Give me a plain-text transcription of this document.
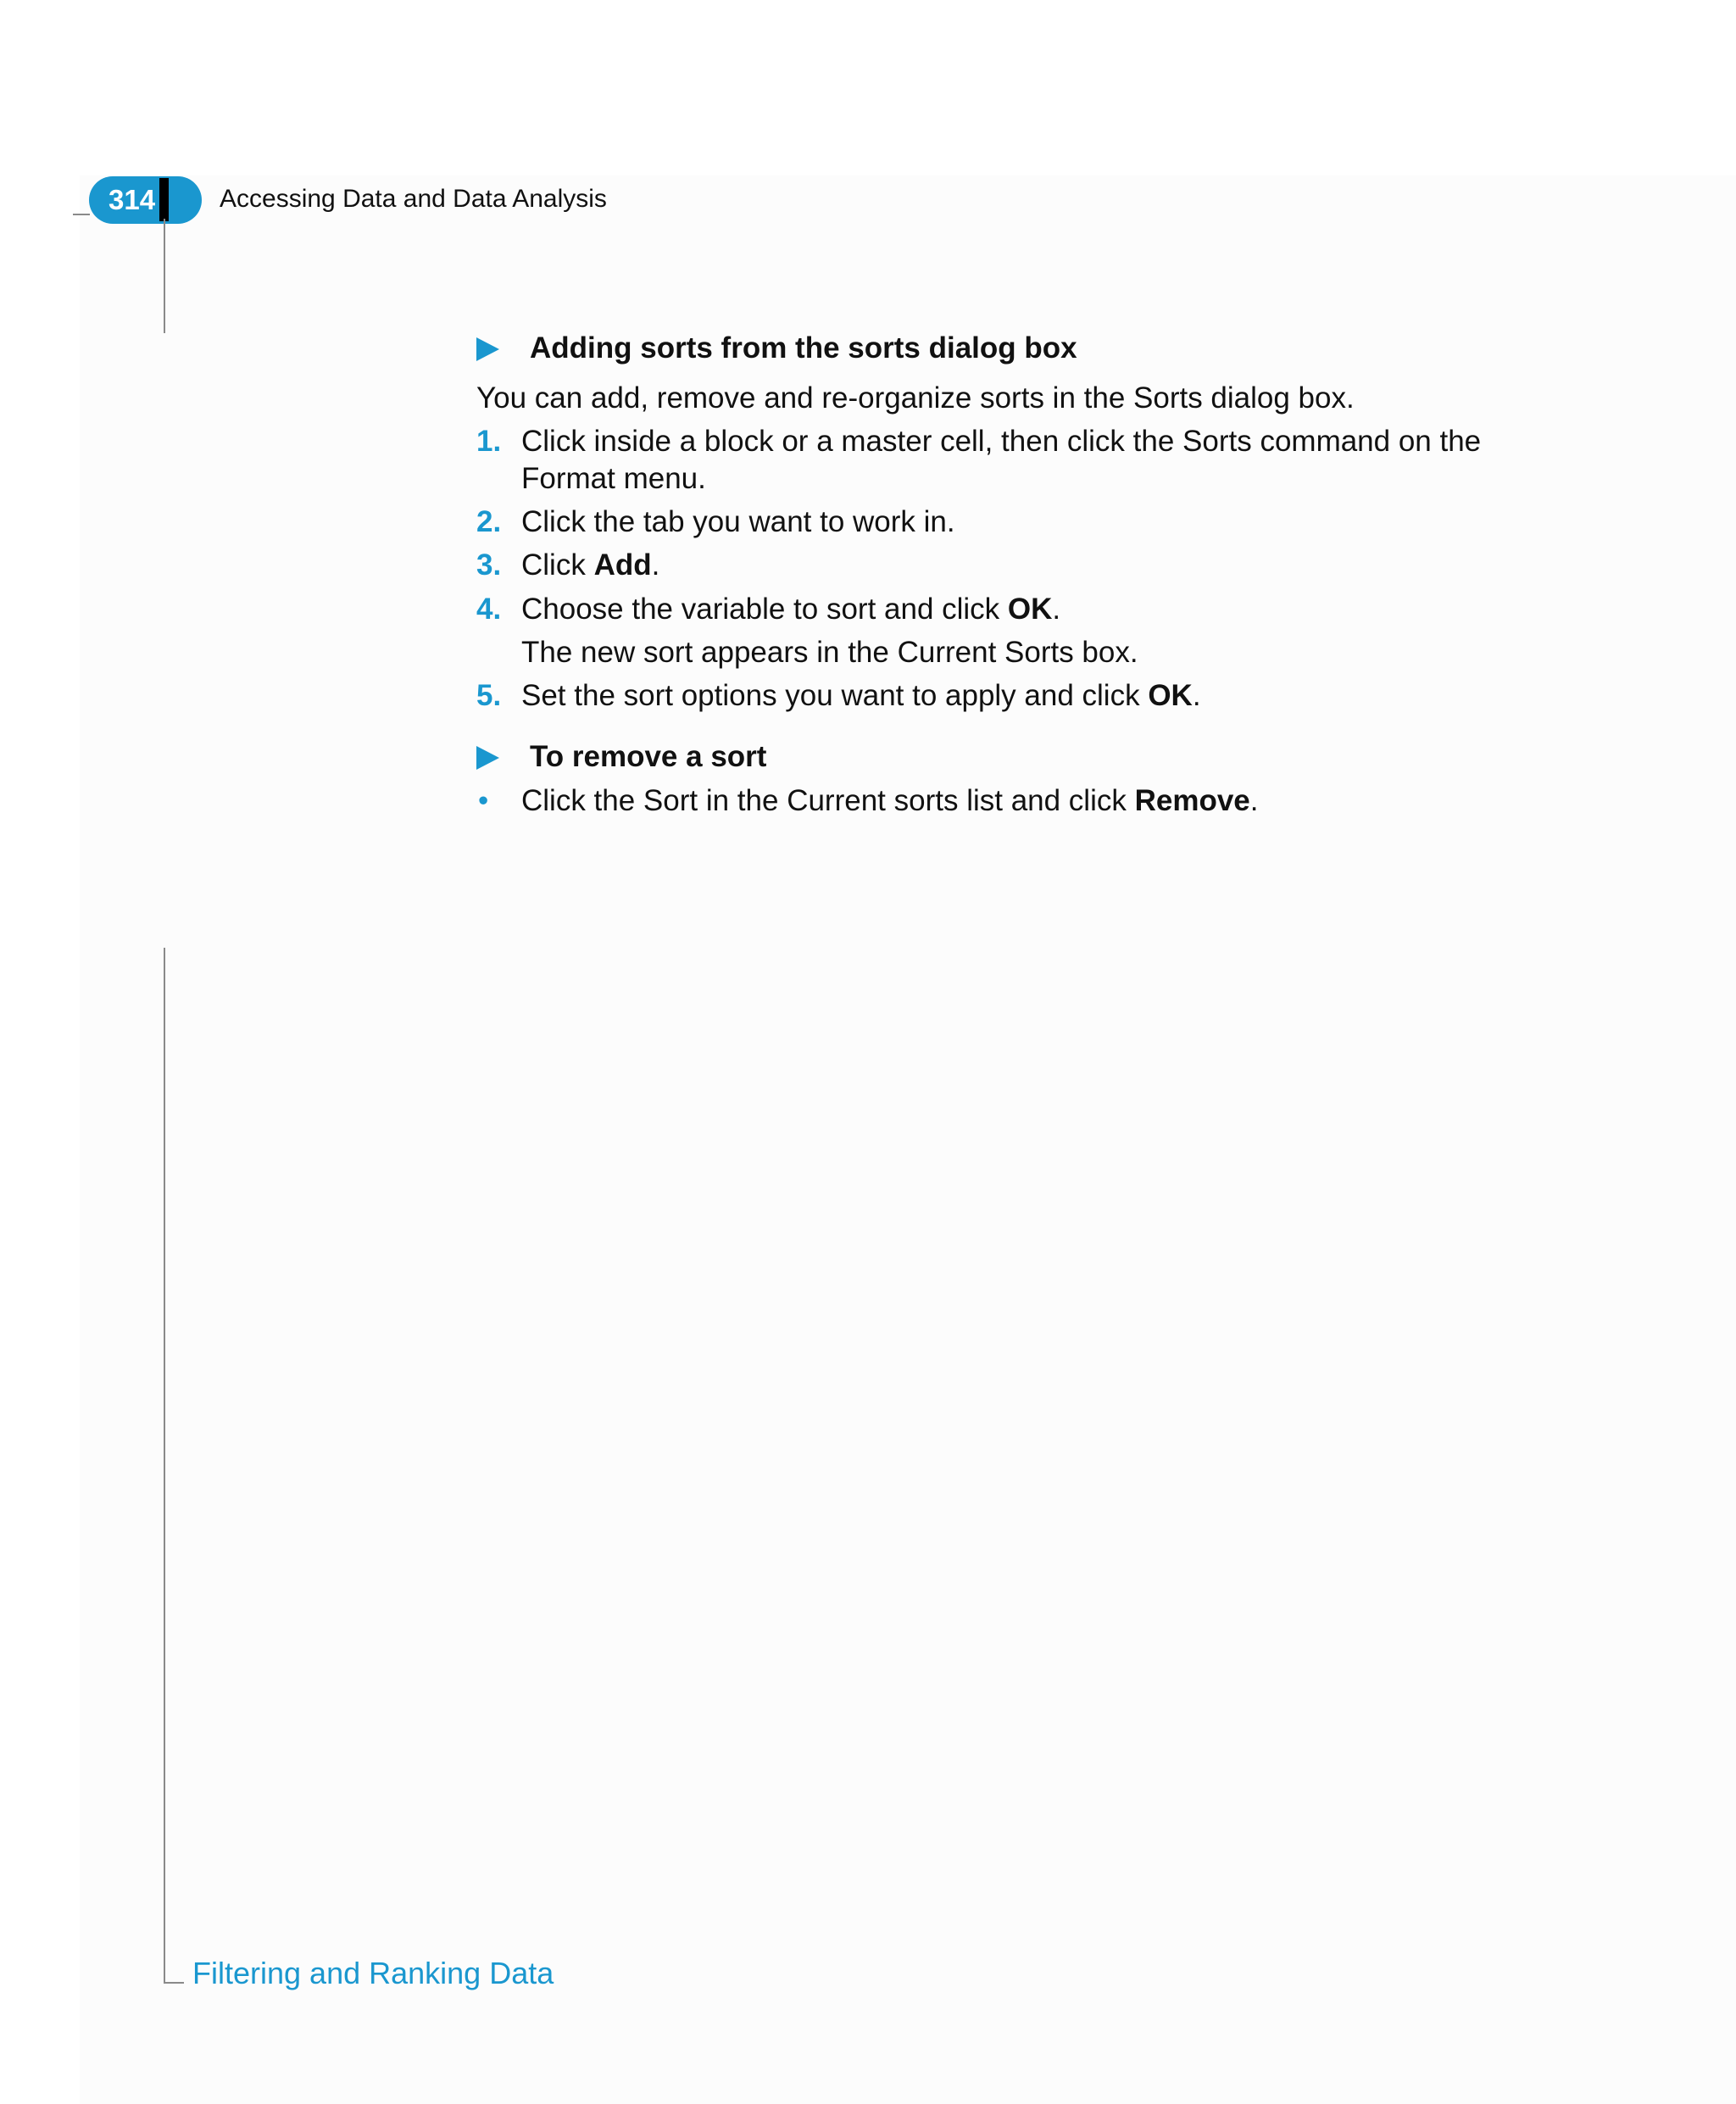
314	Accessing Data and Data Analysis
Adding sorts from the sorts dialog box
You can add, remove and re-organize sorts in the Sorts dialog box.
1. Click inside a block or a master cell, then click the Sorts command on the Format menu.
2. Click the tab you want to work in.
3. Click Add.
4. Choose the variable to sort and click OK.
The new sort appears in the Current Sorts box.
5. Set the sort options you want to apply and click OK.
To remove a sort
• Click the Sort in the Current sorts list and click Remove.
Filtering and Ranking Data
